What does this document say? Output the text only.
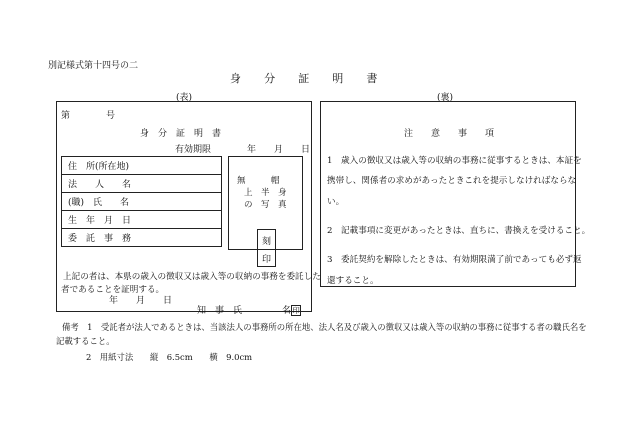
別記様式第十四号の二
身　分　証　明　書
(表)	(裏)
第　　　　号
身　分　証　明　書
有効期限　　　　年　　月　　日
住　所(所在地)
法　　人　　名
(職)　氏　　名
生　年　月　日
委　託　事　務
無　　　帽
上　半　身
の　写　真
刻
印
上記の者は、本県の歳入の徴収又は歳入等の収納の事務を委託した
者であることを証明する。
年　　月　　日
知　事　氏	名印
注　　意　　事　　項
1　歳入の徴収又は歳入等の収納の事務に従事するときは、本証を
携帯し、関係者の求めがあったときこれを提示しなければならな
い。
2　記載事項に変更があったときは、直ちに、書換えを受けること。
3　委託契約を解除したときは、有効期限満了前であっても必ず返
還すること。
備考　1　受託者が法人であるときは、当該法人の事務所の所在地、法人名及び歳入の徴収又は歳入等の収納の事務に従事する者の職氏名を
記載すること。
2　用紙寸法　　縦　6.5cm　　横　9.0cm
